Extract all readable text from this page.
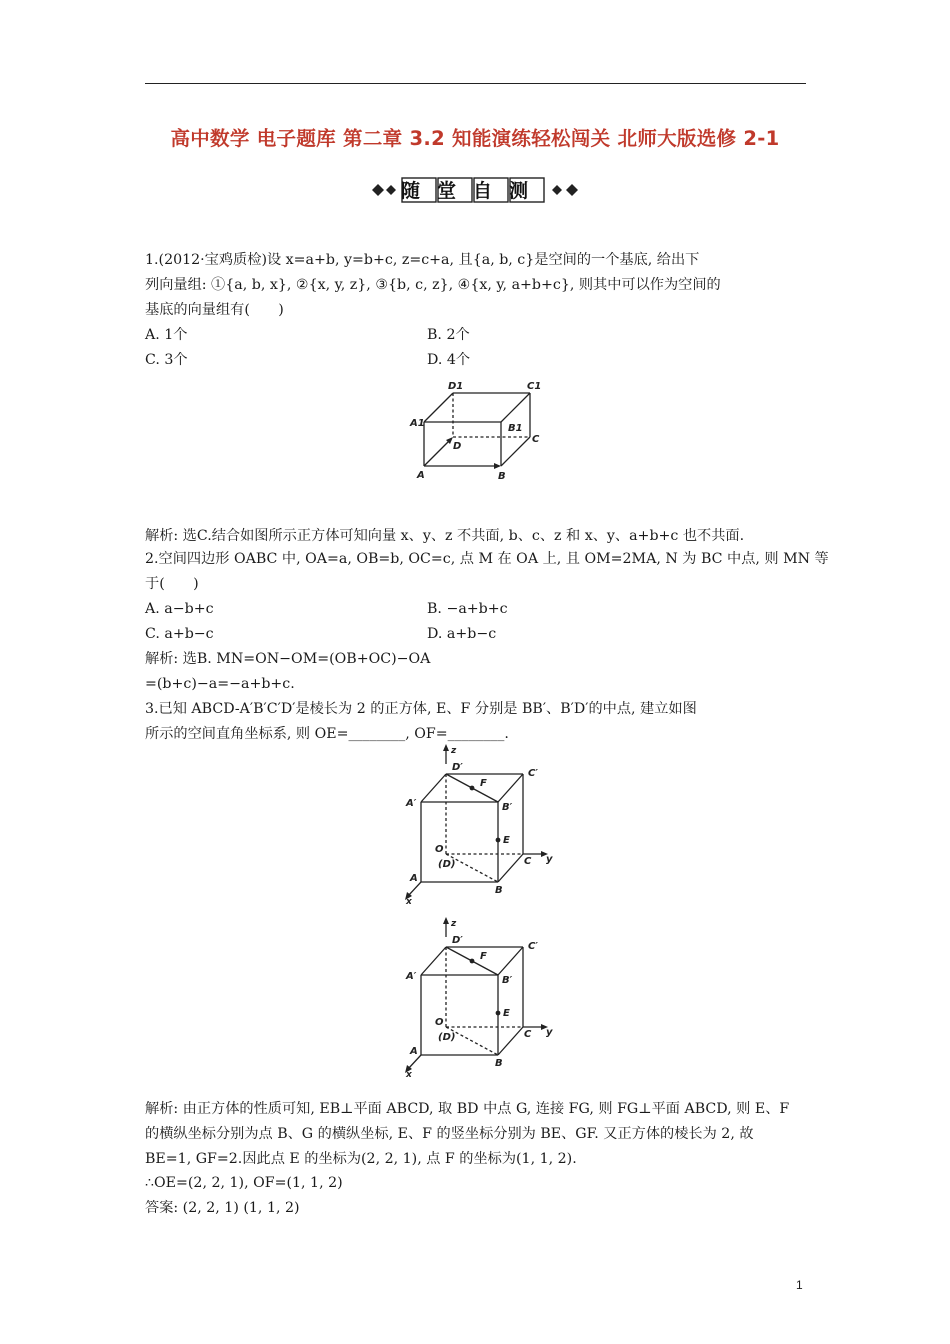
高中数学 电子题库 第二章 3.2 知能演练轻松闯关 北师大版选修 2-1
随堂自测
1.(2012·宝鸡质检)设 x=a+b, y=b+c, z=c+a, 且{a, b, c}是空间的一个基底, 给出下
列向量组: ①{a, b, x}, ②{x, y, z}, ③{b, c, z}, ④{x, y, a+b+c}, 则其中可以作为空间的
基底的向量组有(　　)
A. 1个	B. 2个
C. 3个	D. 4个
D1	C1
A1	B1
D
C
A	B
解析: 选C.结合如图所示正方体可知向量 x、y、z 不共面, b、c、z 和 x、y、a+b+c 也不共面.
2.空间四边形 OABC 中, OA=a, OB=b, OC=c, 点 M 在 OA 上, 且 OM=2MA, N 为 BC 中点, 则 MN 等
于(　　)
A. a−b+c	B. −a+b+c
C. a+b−c	D. a+b−c
解析: 选B. MN=ON−OM=(OB+OC)−OA
=(b+c)−a=−a+b+c.
3.已知 ABCD-A′B′C′D′是棱长为 2 的正方体, E、F 分别是 BB′、B′D′的中点, 建立如图
所示的空间直角坐标系, 则 OE=________, OF=________.
z
D′
C′
F
A′	B′
E
O
(D)	C y
A
B
x
z
D′
C′
F
A′	B′
E
O
(D)	C y
A
B
x
解析: 由正方体的性质可知, EB⊥平面 ABCD, 取 BD 中点 G, 连接 FG, 则 FG⊥平面 ABCD, 则 E、F
的横纵坐标分别为点 B、G 的横纵坐标, E、F 的竖坐标分别为 BE、GF. 又正方体的棱长为 2, 故
BE=1, GF=2.因此点 E 的坐标为(2, 2, 1), 点 F 的坐标为(1, 1, 2).
∴OE=(2, 2, 1), OF=(1, 1, 2)
答案: (2, 2, 1) (1, 1, 2)
1
